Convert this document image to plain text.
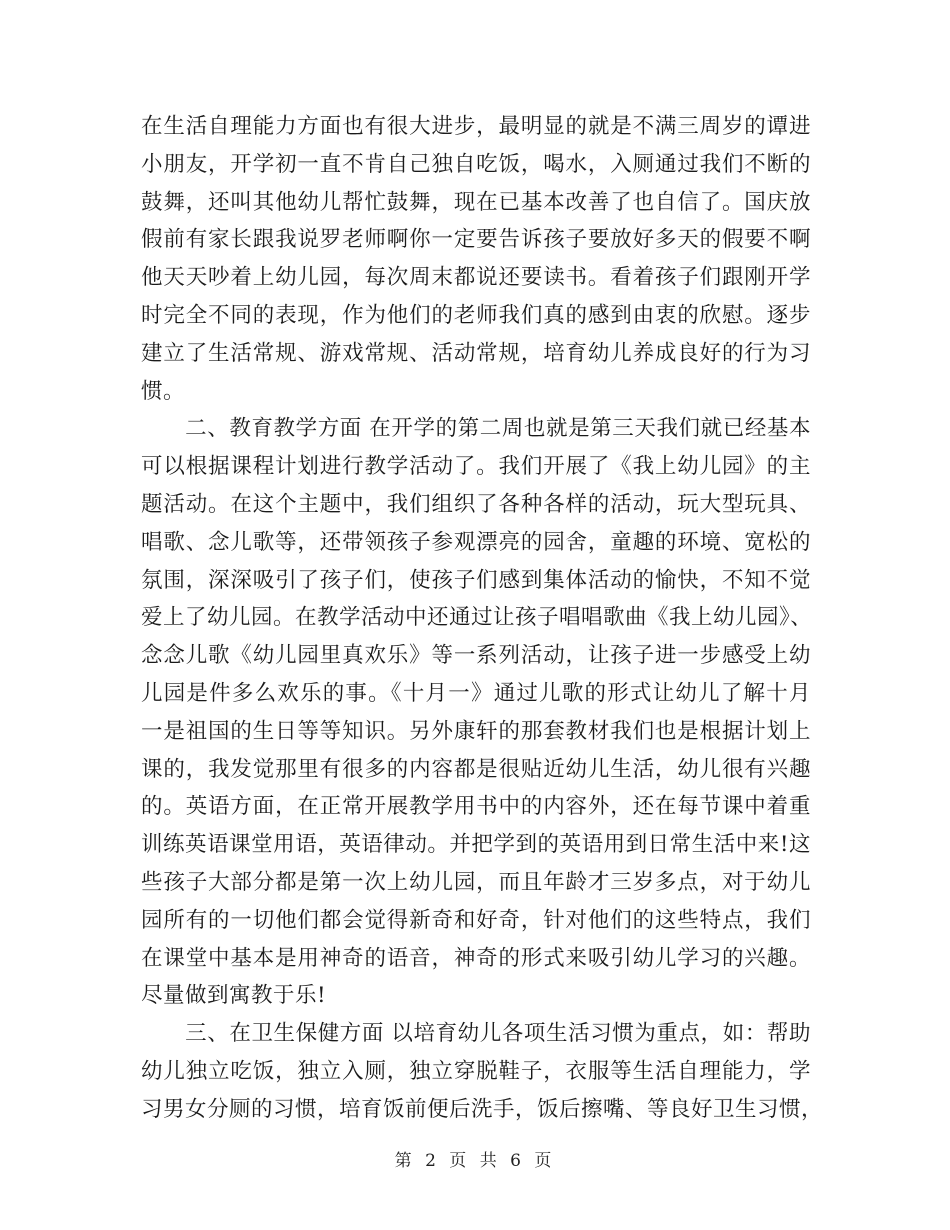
在生活自理能力方面也有很大进步，最明显的就是不满三周岁的谭进
小朋友，开学初一直不肯自己独自吃饭，喝水，入厕通过我们不断的
鼓舞，还叫其他幼儿帮忙鼓舞，现在已基本改善了也自信了。国庆放
假前有家长跟我说罗老师啊你一定要告诉孩子要放好多天的假要不啊
他天天吵着上幼儿园，每次周末都说还要读书。看着孩子们跟刚开学
时完全不同的表现，作为他们的老师我们真的感到由衷的欣慰。逐步
建立了生活常规、游戏常规、活动常规，培育幼儿养成良好的行为习
惯。
　　二、教育教学方面 在开学的第二周也就是第三天我们就已经基本
可以根据课程计划进行教学活动了。我们开展了《我上幼儿园》的主
题活动。在这个主题中，我们组织了各种各样的活动，玩大型玩具、
唱歌、念儿歌等，还带领孩子参观漂亮的园舍，童趣的环境、宽松的
氛围，深深吸引了孩子们，使孩子们感到集体活动的愉快，不知不觉
爱上了幼儿园。在教学活动中还通过让孩子唱唱歌曲《我上幼儿园》、
念念儿歌《幼儿园里真欢乐》等一系列活动，让孩子进一步感受上幼
儿园是件多么欢乐的事。《十月一》通过儿歌的形式让幼儿了解十月
一是祖国的生日等等知识。另外康轩的那套教材我们也是根据计划上
课的，我发觉那里有很多的内容都是很贴近幼儿生活，幼儿很有兴趣
的。英语方面，在正常开展教学用书中的内容外，还在每节课中着重
训练英语课堂用语，英语律动。并把学到的英语用到日常生活中来!这
些孩子大部分都是第一次上幼儿园，而且年龄才三岁多点，对于幼儿
园所有的一切他们都会觉得新奇和好奇，针对他们的这些特点，我们
在课堂中基本是用神奇的语音，神奇的形式来吸引幼儿学习的兴趣。
尽量做到寓教于乐!
　　三、在卫生保健方面 以培育幼儿各项生活习惯为重点，如：帮助
幼儿独立吃饭，独立入厕，独立穿脱鞋子，衣服等生活自理能力，学
习男女分厕的习惯，培育饭前便后洗手，饭后擦嘴、等良好卫生习惯，
第 2 页 共 6 页
